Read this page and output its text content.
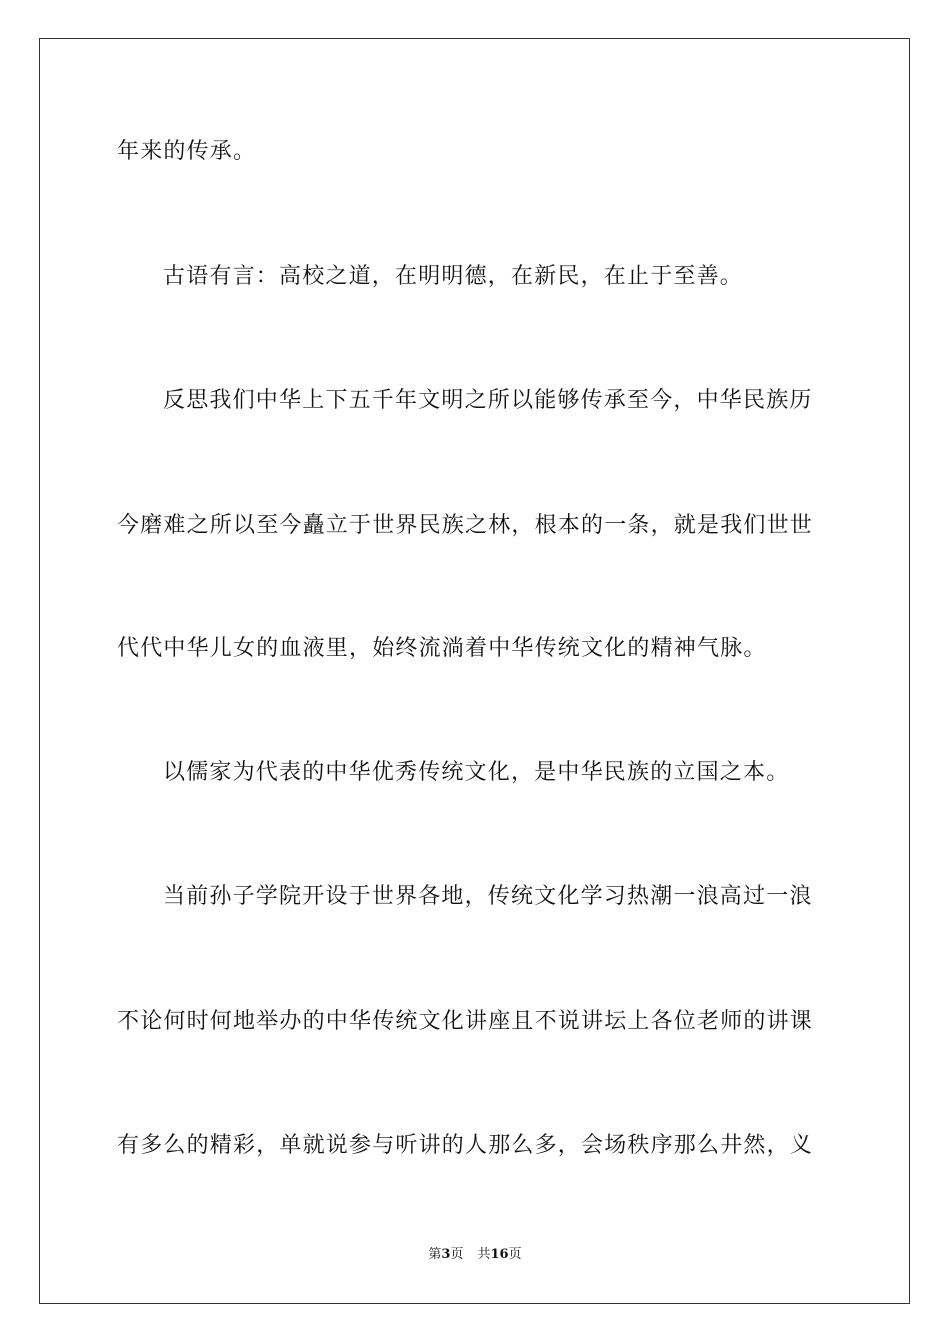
年来的传承。
古语有言：高校之道，在明明德，在新民，在止于至善。
反思我们中华上下五千年文明之所以能够传承至今，中华民族历
今磨难之所以至今矗立于世界民族之林，根本的一条，就是我们世世
代代中华儿女的血液里，始终流淌着中华传统文化的精神气脉。
以儒家为代表的中华优秀传统文化，是中华民族的立国之本。
当前孙子学院开设于世界各地，传统文化学习热潮一浪高过一浪
不论何时何地举办的中华传统文化讲座且不说讲坛上各位老师的讲课
有多么的精彩，单就说参与听讲的人那么多，会场秩序那么井然，义
第3页 共16页
